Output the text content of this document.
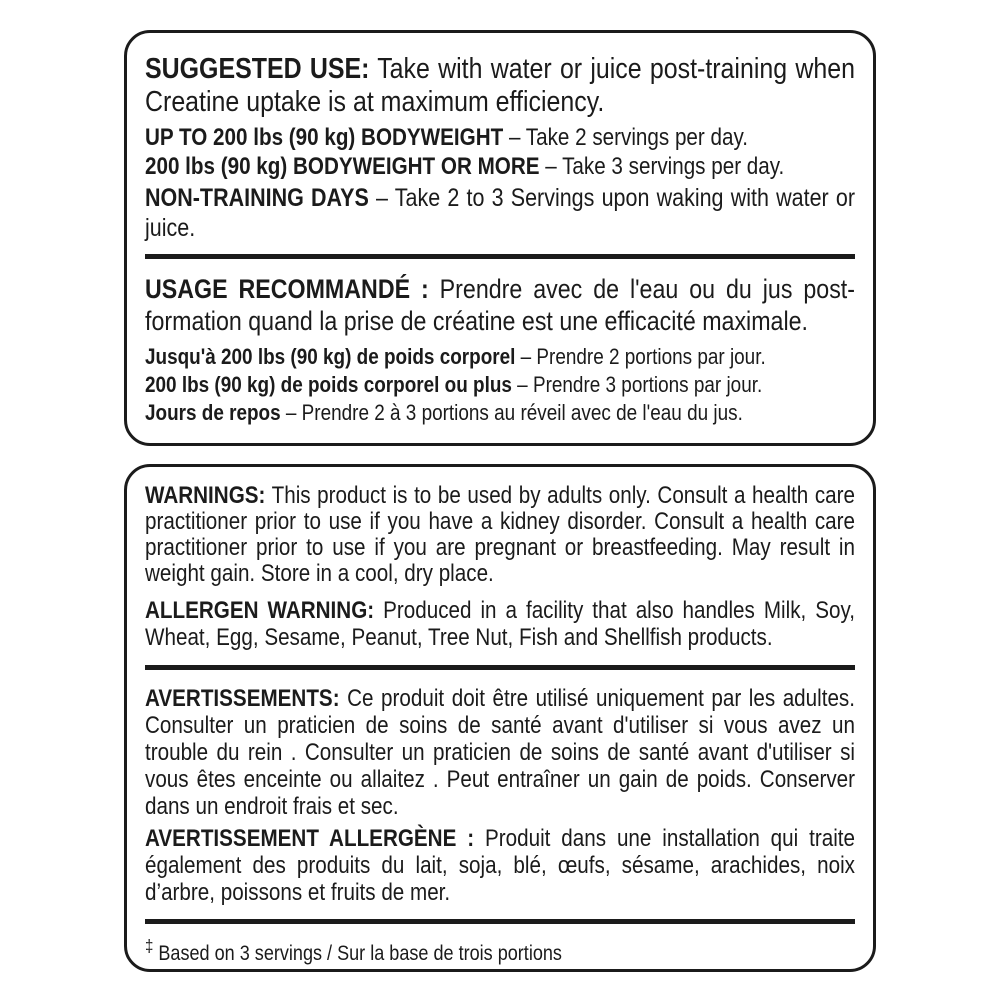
SUGGESTED USE: Take with water or juice post-training when Creatine uptake is at maximum efficiency.

UP TO 200 lbs (90 kg) BODYWEIGHT – Take 2 servings per day.
200 lbs (90 kg) BODYWEIGHT OR MORE – Take 3 servings per day.

NON-TRAINING DAYS – Take 2 to 3 Servings upon waking with water or juice.

USAGE RECOMMANDÉ : Prendre avec de l'eau ou du jus post-formation quand la prise de créatine est une efficacité maximale.

Jusqu'à 200 lbs (90 kg) de poids corporel – Prendre 2 portions par jour.
200 lbs (90 kg) de poids corporel ou plus – Prendre 3 portions par jour.
Jours de repos – Prendre 2 à 3 portions au réveil avec de l'eau du jus.

WARNINGS: This product is to be used by adults only. Consult a health care practitioner prior to use if you have a kidney disorder. Consult a health care practitioner prior to use if you are pregnant or breastfeeding. May result in weight gain. Store in a cool, dry place.

ALLERGEN WARNING: Produced in a facility that also handles Milk, Soy, Wheat, Egg, Sesame, Peanut, Tree Nut, Fish and Shellfish products.

AVERTISSEMENTS: Ce produit doit être utilisé uniquement par les adultes. Consulter un praticien de soins de santé avant d'utiliser si vous avez un trouble du rein . Consulter un praticien de soins de santé avant d'utiliser si vous êtes enceinte ou allaitez . Peut entraîner un gain de poids. Conserver dans un endroit frais et sec.

AVERTISSEMENT ALLERGÈNE : Produit dans une installation qui traite également des produits du lait, soja, blé, œufs, sésame, arachides, noix d’arbre, poissons et fruits de mer.

‡ Based on 3 servings / Sur la base de trois portions
